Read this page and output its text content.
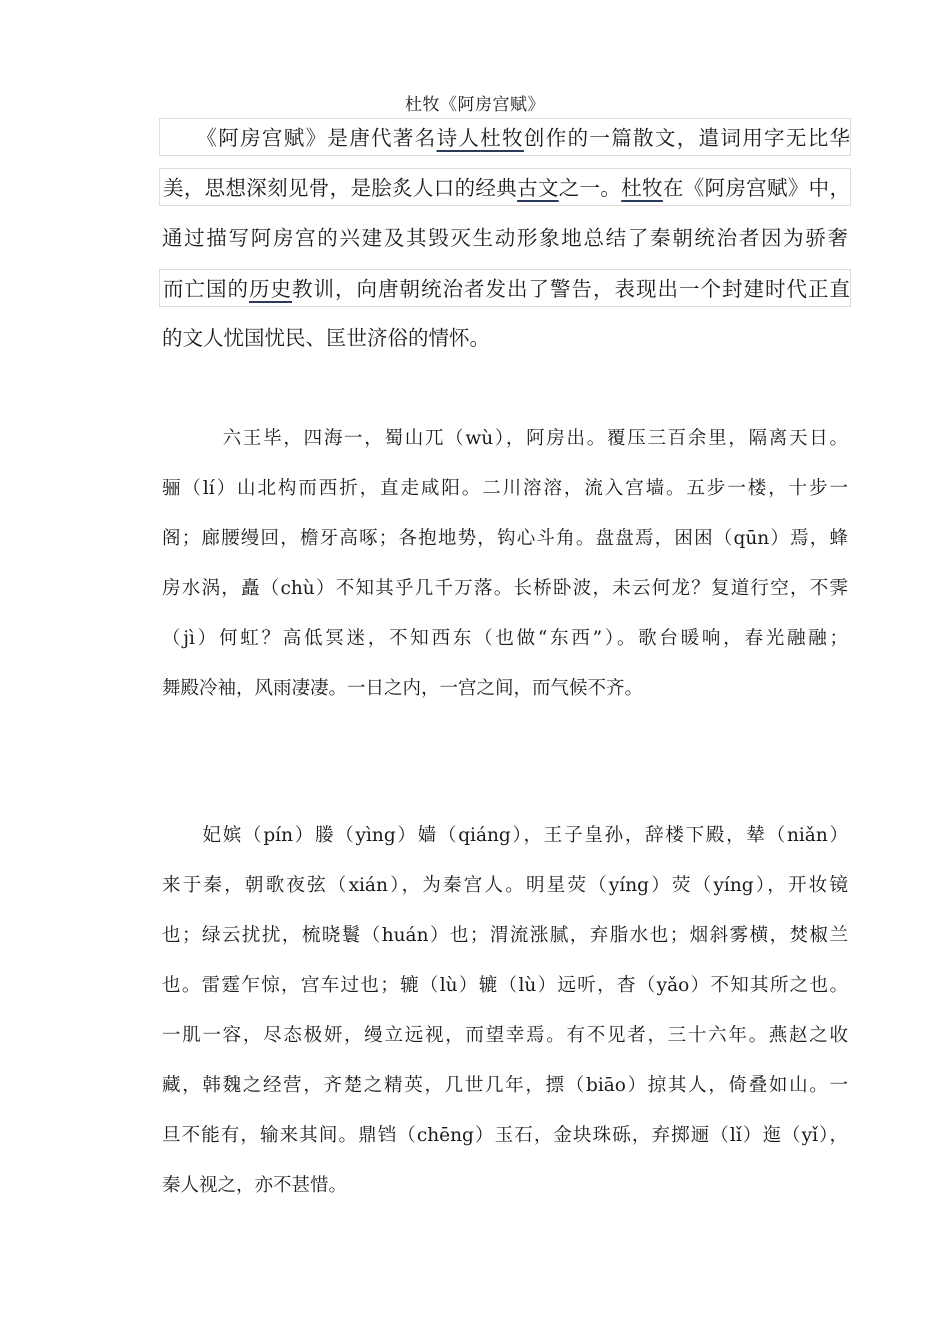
杜牧《阿房宫赋》
　　《阿房宫赋》是唐代著名诗人杜牧创作的一篇散文，遣词用字无比华
美，思想深刻见骨，是脍炙人口的经典古文之一。杜牧在《阿房宫赋》中，
通过描写阿房宫的兴建及其毁灭生动形象地总结了秦朝统治者因为骄奢
而亡国的历史教训，向唐朝统治者发出了警告，表现出一个封建时代正直
的文人忧国忧民、匡世济俗的情怀。
　　　六王毕，四海一，蜀山兀（wù），阿房出。覆压三百余里，隔离天日。
骊（lí）山北构而西折，直走咸阳。二川溶溶，流入宫墙。五步一楼，十步一
阁；廊腰缦回，檐牙高啄；各抱地势，钩心斗角。盘盘焉，困困（qūn）焉，蜂
房水涡，矗（chù）不知其乎几千万落。长桥卧波，未云何龙？复道行空，不霁
（jì）何虹？高低冥迷，不知西东（也做“东西”）。歌台暖响，春光融融；
舞殿冷袖，风雨凄凄。一日之内，一宫之间，而气候不齐。
　　妃嫔（pín）媵（yìng）嫱（qiáng），王子皇孙，辞楼下殿，辇（niǎn）
来于秦，朝歌夜弦（xián），为秦宫人。明星荧（yíng）荧（yíng），开妆镜
也；绿云扰扰，梳晓鬟（huán）也；渭流涨腻，弃脂水也；烟斜雾横，焚椒兰
也。雷霆乍惊，宫车过也；辘（lù）辘（lù）远听，杳（yǎo）不知其所之也。
一肌一容，尽态极妍，缦立远视，而望幸焉。有不见者，三十六年。燕赵之收
藏，韩魏之经营，齐楚之精英，几世几年，摽（biāo）掠其人，倚叠如山。一
旦不能有，输来其间。鼎铛（chēng）玉石，金块珠砾，弃掷逦（lǐ）迤（yǐ），
秦人视之，亦不甚惜。
